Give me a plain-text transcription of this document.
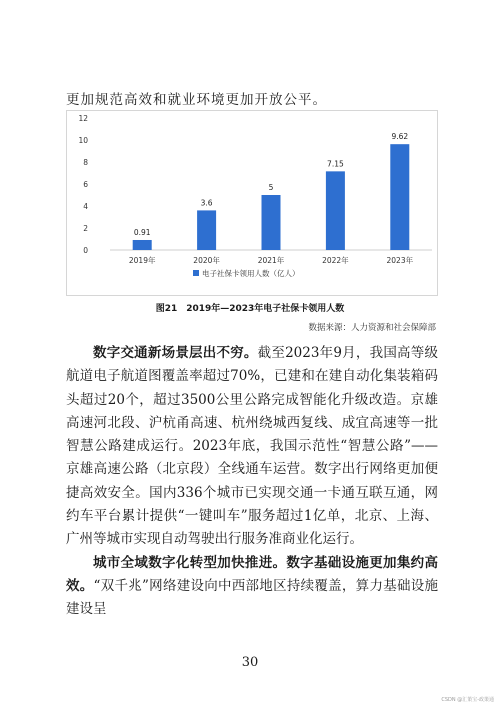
更加规范高效和就业环境更加开放公平。
0
2
4
6
8
10
12
0.91
2019年
3.6
2020年
5
2021年
7.15
2022年
9.62
2023年
电子社保卡领用人数（亿人）
图21　2019年—2023年电子社保卡领用人数
数据来源：人力资源和社会保障部

数字交通新场景层出不穷。截至2023年9月，我国高等级航道电子航道图覆盖率超过70%，已建和在建自动化集装箱码头超过20个，超过3500公里公路完成智能化升级改造。京雄高速河北段、沪杭甬高速、杭州绕城西复线、成宜高速等一批智慧公路建成运行。2023年底，我国示范性“智慧公路”——京雄高速公路（北京段）全线通车运营。数字出行网络更加便捷高效安全。国内336个城市已实现交通一卡通互联互通，网约车平台累计提供“一键叫车”服务超过1亿单，北京、上海、广州等城市实现自动驾驶出行服务准商业化运行。

城市全域数字化转型加快推进。数字基础设施更加集约高效。“双千兆”网络建设向中西部地区持续覆盖，算力基础设施建设呈

30
CSDN @汇策宝-政策通
